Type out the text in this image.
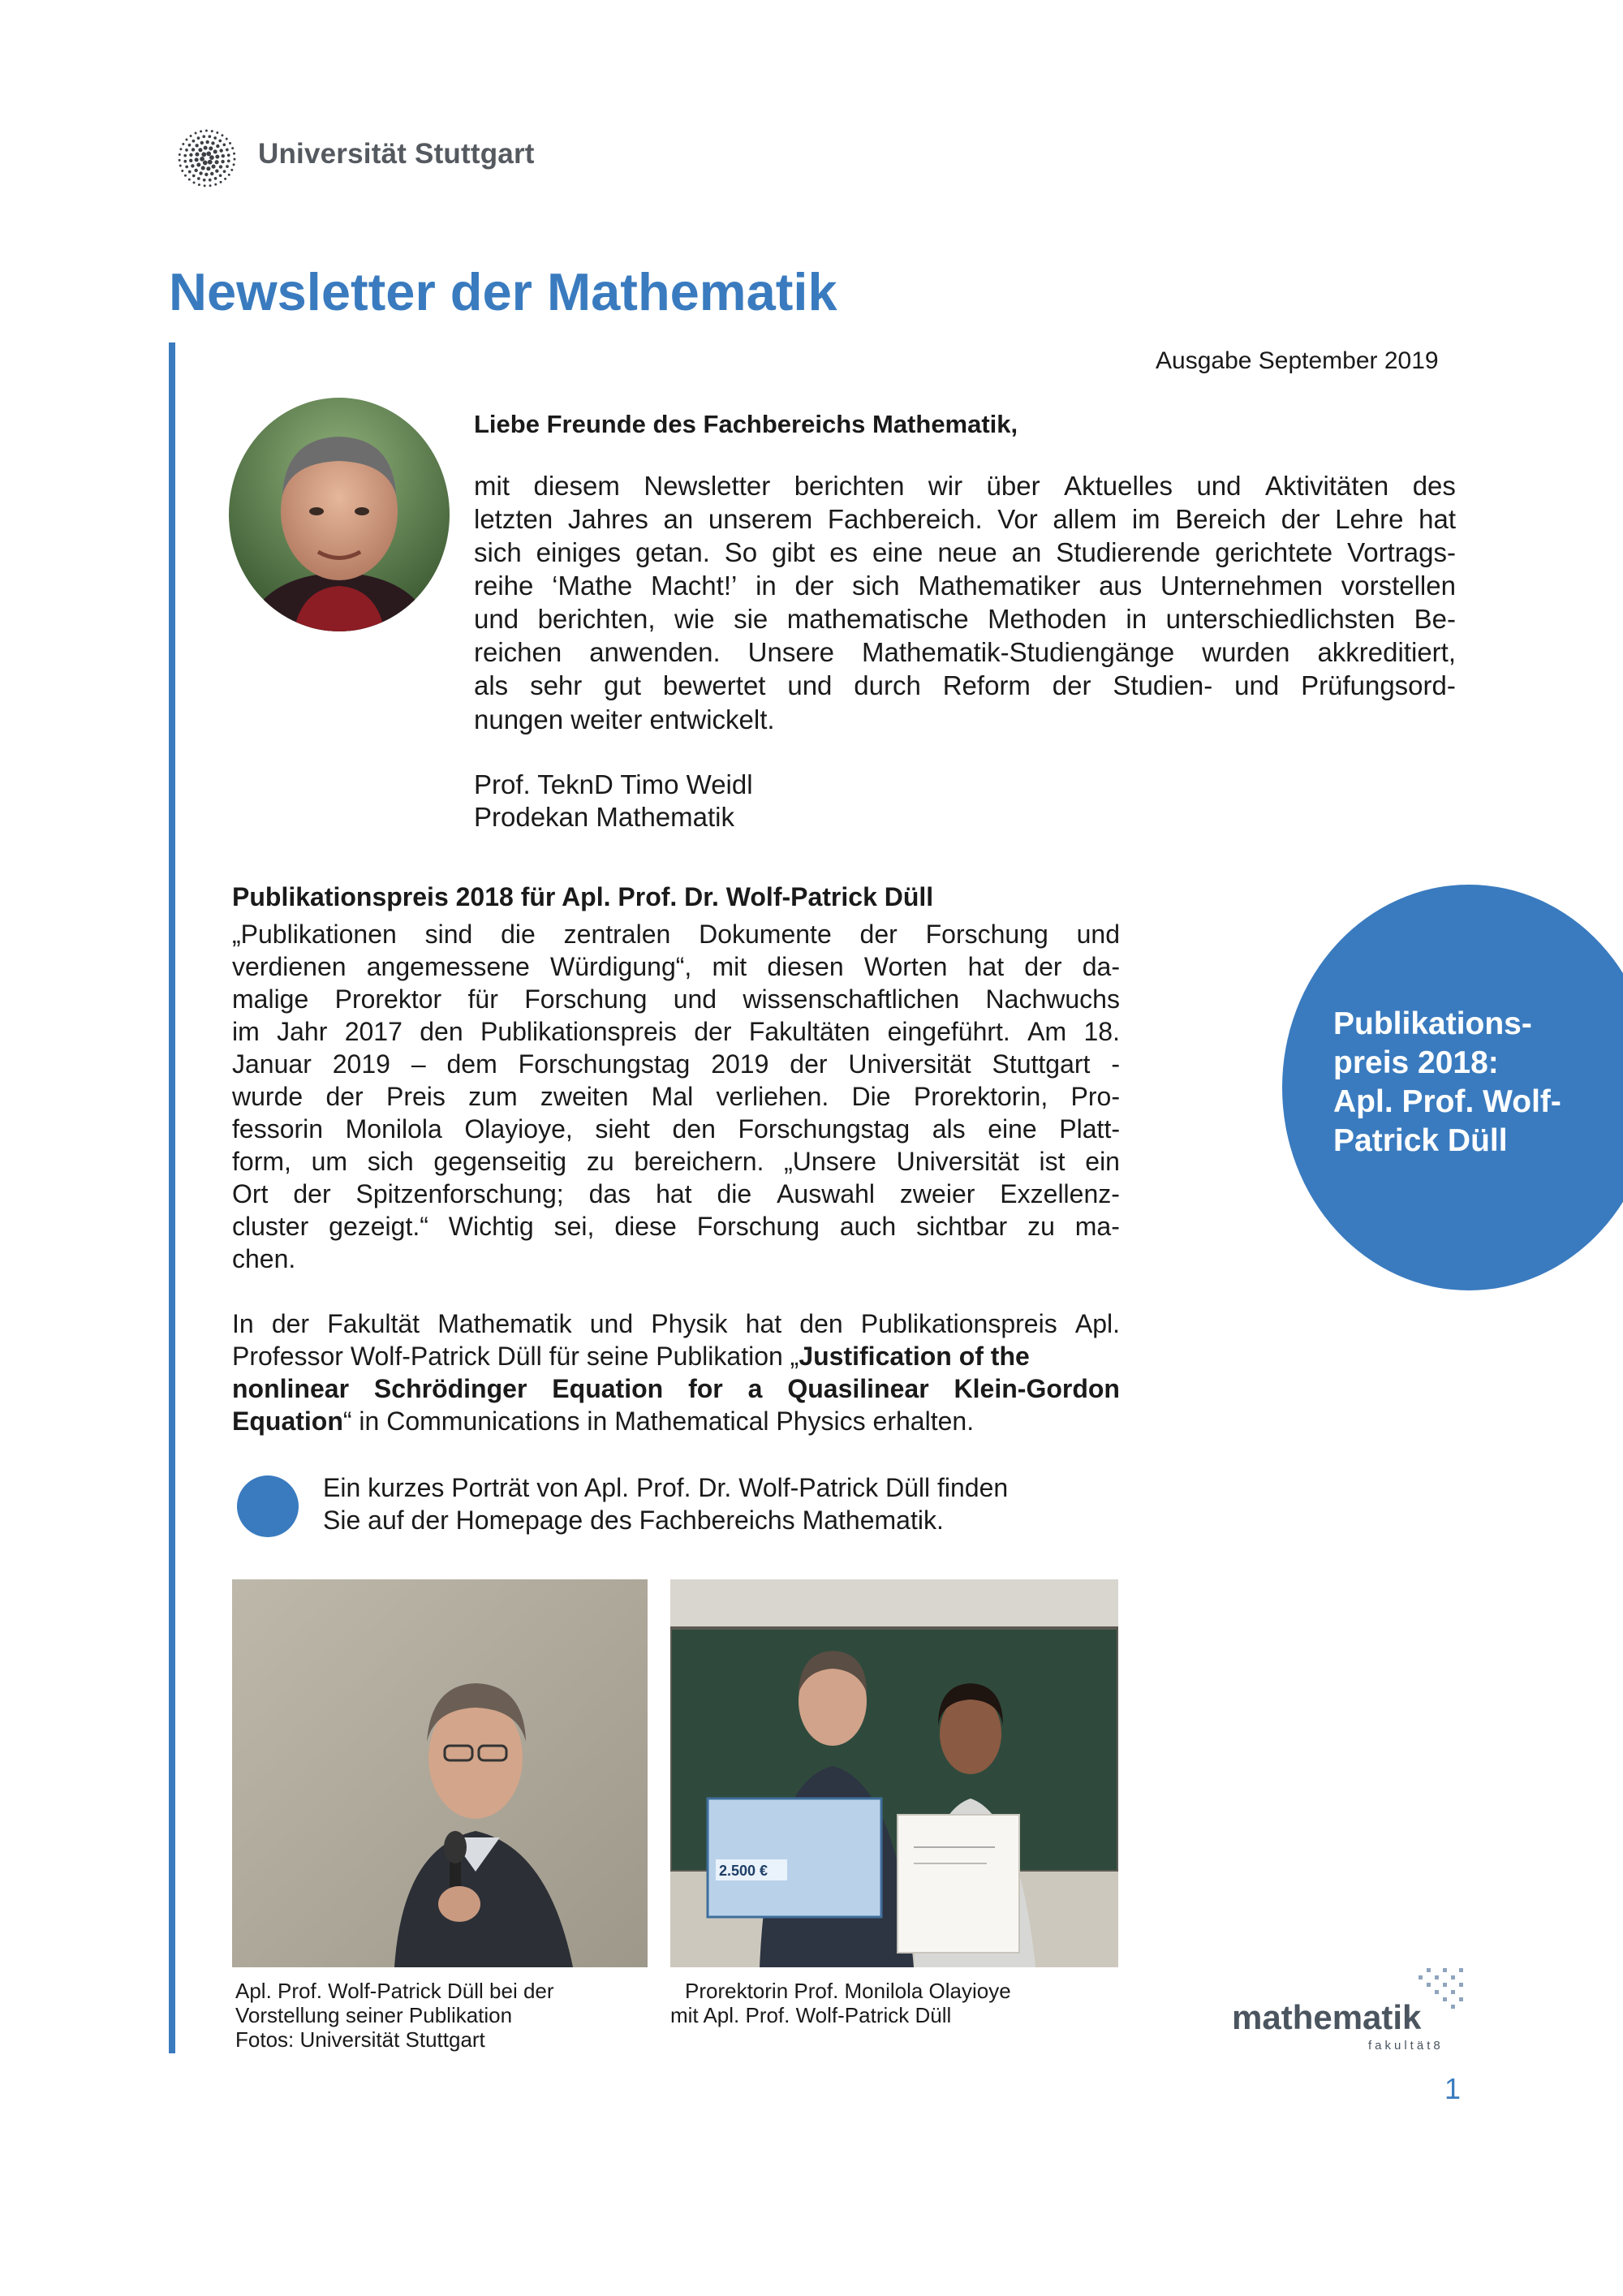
Universität Stuttgart
Newsletter der Mathematik
Ausgabe September 2019
Liebe Freunde des Fachbereichs Mathematik,
mit diesem Newsletter berichten wir über Aktuelles und Aktivitäten des
letzten Jahres an unserem Fachbereich. Vor allem im Bereich der Lehre hat
sich einiges getan. So gibt es eine neue an Studierende gerichtete Vortrags-
reihe ‘Mathe Macht!’ in der sich Mathematiker aus Unternehmen vorstellen
und berichten, wie sie mathematische Methoden in unterschiedlichsten Be-
reichen anwenden. Unsere Mathematik-Studiengänge wurden akkreditiert,
als sehr gut bewertet und durch Reform der Studien- und Prüfungsord-
nungen weiter entwickelt.
Prof. TeknD Timo Weidl
Prodekan Mathematik
Publikationspreis 2018 für Apl. Prof. Dr. Wolf-Patrick Düll
„Publikationen sind die zentralen Dokumente der Forschung und
verdienen angemessene Würdigung“, mit diesen Worten hat der da-
malige Prorektor für Forschung und wissenschaftlichen Nachwuchs
im Jahr 2017 den Publikationspreis der Fakultäten eingeführt. Am 18.
Januar 2019 – dem Forschungstag 2019 der Universität Stuttgart -
wurde der Preis zum zweiten Mal verliehen. Die Prorektorin, Pro-
fessorin Monilola Olayioye, sieht den Forschungstag als eine Platt-
form, um sich gegenseitig zu bereichern. „Unsere Universität ist ein
Ort der Spitzenforschung; das hat die Auswahl zweier Exzellenz-
cluster gezeigt.“ Wichtig sei, diese Forschung auch sichtbar zu ma-
chen.
In der Fakultät Mathematik und Physik hat den Publikationspreis Apl.
Professor Wolf-Patrick Düll für seine Publikation „Justification of the
nonlinear Schrödinger Equation for a Quasilinear Klein-Gordon
Equation“ in Communications in Mathematical Physics erhalten.
Publikations-
preis 2018:
Apl. Prof. Wolf-
Patrick Düll
Ein kurzes Porträt von Apl. Prof. Dr. Wolf-Patrick Düll finden
Sie auf der Homepage des Fachbereichs Mathematik.
2.500 €
Apl. Prof. Wolf-Patrick Düll bei der
Vorstellung seiner Publikation
Fotos: Universität Stuttgart
Prorektorin Prof. Monilola Olayioye
mit Apl. Prof. Wolf-Patrick Düll	mathematik
fakultät8
1
